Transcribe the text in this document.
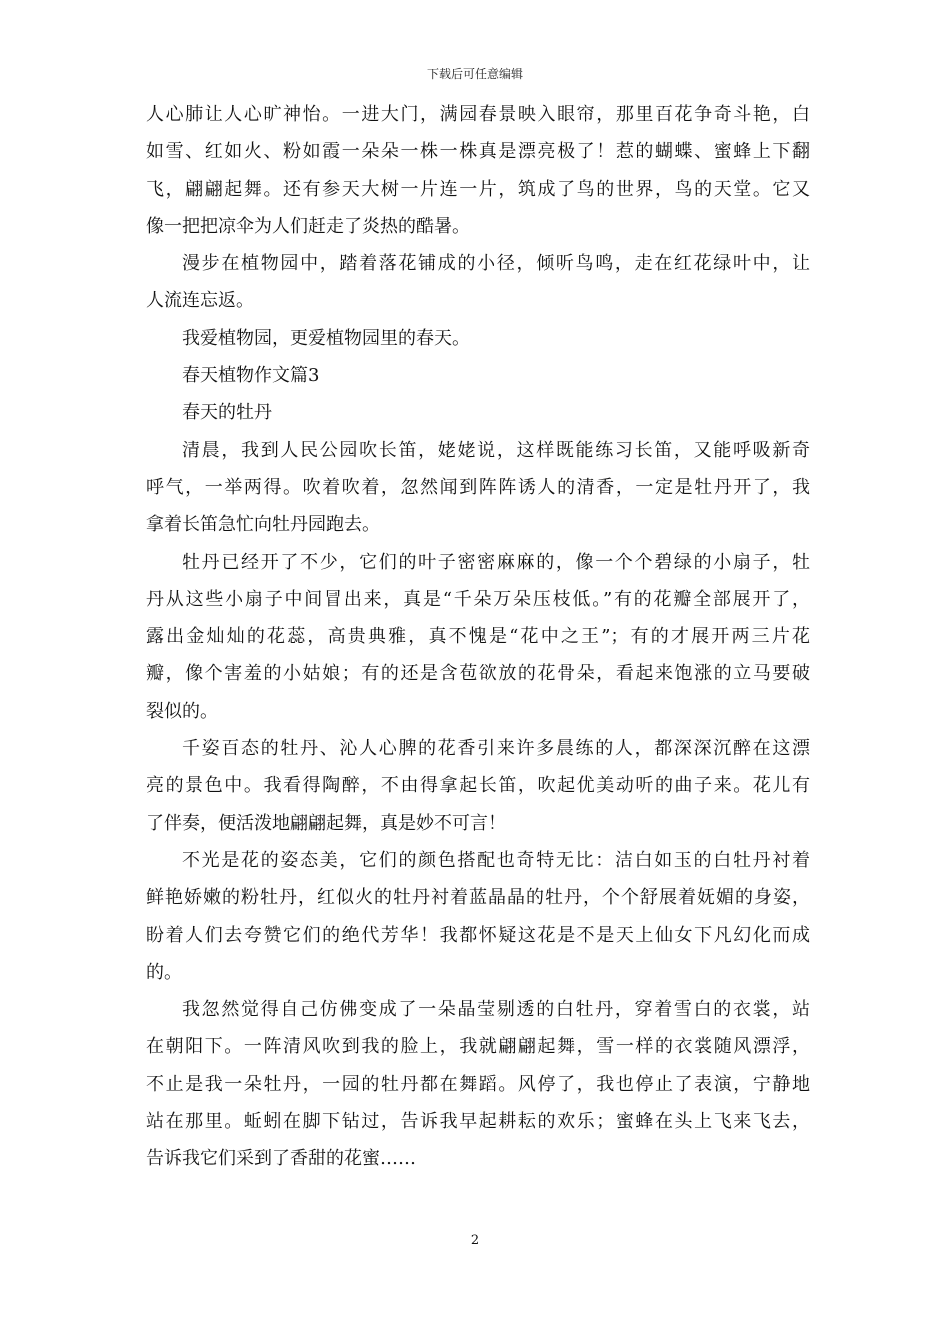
下载后可任意编辑
人心肺让人心旷神怡。一进大门，满园春景映入眼帘，那里百花争奇斗艳，白
如雪、红如火、粉如霞一朵朵一株一株真是漂亮极了！惹的蝴蝶、蜜蜂上下翻
飞，翩翩起舞。还有参天大树一片连一片，筑成了鸟的世界，鸟的天堂。它又
像一把把凉伞为人们赶走了炎热的酷暑。
漫步在植物园中，踏着落花铺成的小径，倾听鸟鸣，走在红花绿叶中，让
人流连忘返。
我爱植物园，更爱植物园里的春天。
春天植物作文篇3
春天的牡丹
清晨，我到人民公园吹长笛，姥姥说，这样既能练习长笛，又能呼吸新奇
呼气，一举两得。吹着吹着，忽然闻到阵阵诱人的清香，一定是牡丹开了，我
拿着长笛急忙向牡丹园跑去。
牡丹已经开了不少，它们的叶子密密麻麻的，像一个个碧绿的小扇子，牡
丹从这些小扇子中间冒出来，真是“千朵万朵压枝低。”有的花瓣全部展开了，
露出金灿灿的花蕊，高贵典雅，真不愧是“花中之王”；有的才展开两三片花
瓣，像个害羞的小姑娘；有的还是含苞欲放的花骨朵，看起来饱涨的立马要破
裂似的。
千姿百态的牡丹、沁人心脾的花香引来许多晨练的人，都深深沉醉在这漂
亮的景色中。我看得陶醉，不由得拿起长笛，吹起优美动听的曲子来。花儿有
了伴奏，便活泼地翩翩起舞，真是妙不可言！
不光是花的姿态美，它们的颜色搭配也奇特无比：洁白如玉的白牡丹衬着
鲜艳娇嫩的粉牡丹，红似火的牡丹衬着蓝晶晶的牡丹，个个舒展着妩媚的身姿，
盼着人们去夸赞它们的绝代芳华！我都怀疑这花是不是天上仙女下凡幻化而成
的。
我忽然觉得自己仿佛变成了一朵晶莹剔透的白牡丹，穿着雪白的衣裳，站
在朝阳下。一阵清风吹到我的脸上，我就翩翩起舞，雪一样的衣裳随风漂浮，
不止是我一朵牡丹，一园的牡丹都在舞蹈。风停了，我也停止了表演，宁静地
站在那里。蚯蚓在脚下钻过，告诉我早起耕耘的欢乐；蜜蜂在头上飞来飞去，
告诉我它们采到了香甜的花蜜……
2
